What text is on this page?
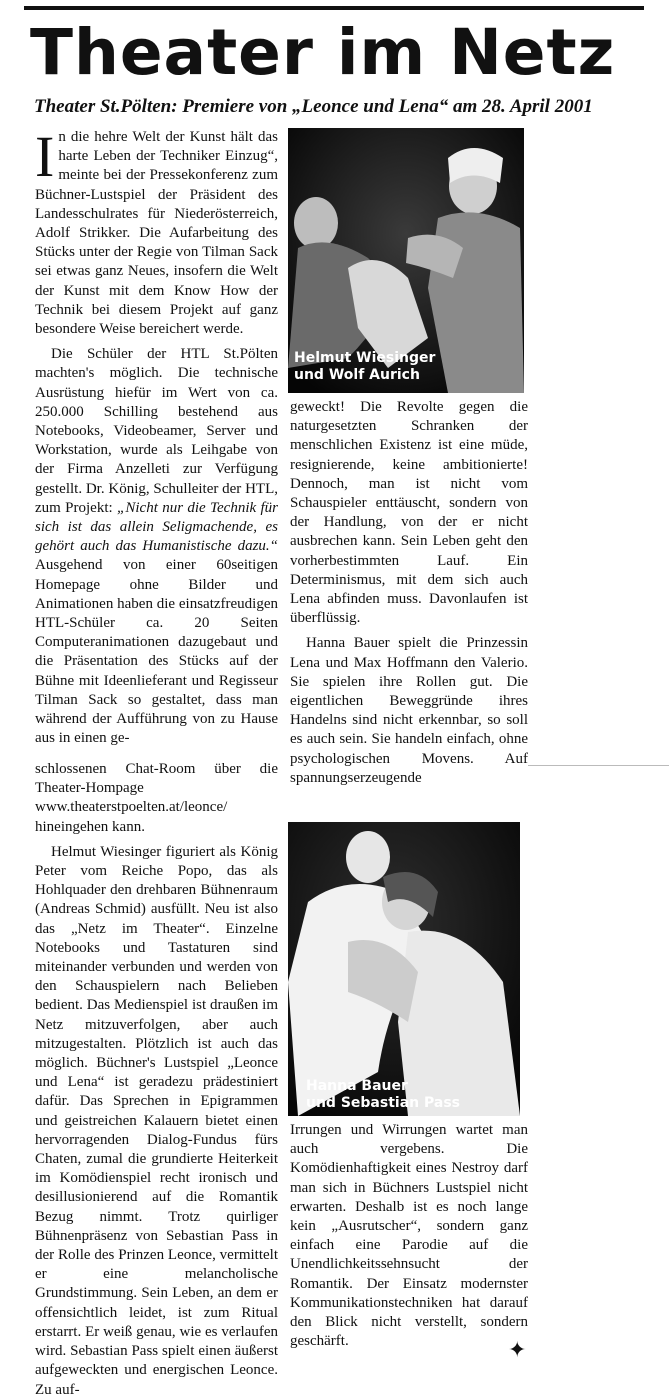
Theater im Netz
Theater St.Pölten: Premiere von „Leonce und Lena“ am 28. April 2001

In die hehre Welt der Kunst hält das harte Leben der Techniker Einzug“, meinte bei der Pressekonferenz zum Büchner-Lustspiel der Präsident des Landesschulrates für Niederösterreich, Adolf Strikker. Die Aufarbeitung des Stücks unter der Regie von Tilman Sack sei etwas ganz Neues, insofern die Welt der Kunst mit dem Know How der Technik bei diesem Projekt auf ganz besondere Weise bereichert werde.

Die Schüler der HTL St.Pölten machten's möglich. Die technische Ausrüstung hiefür im Wert von ca. 250.000 Schilling bestehend aus Notebooks, Videobeamer, Server und Workstation, wurde als Leihgabe von der Firma Anzelleti zur Verfügung gestellt. Dr. König, Schulleiter der HTL, zum Projekt: „Nicht nur die Technik für sich ist das allein Seligmachende, es gehört auch das Humanistische dazu.“ Ausgehend von einer 60seitigen Homepage ohne Bilder und Animationen haben die einsatzfreudigen HTL-Schüler ca. 20 Seiten Computeranimationen dazugebaut und die Präsentation des Stücks auf der Bühne mit Ideenlieferant und Regisseur Tilman Sack so gestaltet, dass man während der Aufführung von zu Hause aus in einen ge-

schlossenen Chat-Room über die Theater-Hompage www.theaterstpoelten.at/leonce/ hineingehen kann.

Helmut Wiesinger figuriert als König Peter vom Reiche Popo, das als Hohlquader den drehbaren Bühnenraum (Andreas Schmid) ausfüllt. Neu ist also das „Netz im Theater“. Einzelne Notebooks und Tastaturen sind miteinander verbunden und werden von den Schauspielern nach Belieben bedient. Das Medienspiel ist draußen im Netz mitzuverfolgen, aber auch mitzugestalten. Plötzlich ist auch das möglich. Büchner's Lustspiel „Leonce und Lena“ ist geradezu prädestiniert dafür. Das Sprechen in Epigrammen und geistreichen Kalauern bietet einen hervorragenden Dialog-Fundus fürs Chaten, zumal die grundierte Heiterkeit im Komödienspiel recht ironisch und desillusionierend auf die Romantik Bezug nimmt. Trotz quirliger Bühnenpräsenz von Sebastian Pass in der Rolle des Prinzen Leonce, vermittelt er eine melancholische Grundstimmung. Sein Leben, an dem er offensichtlich leidet, ist zum Ritual erstarrt. Er weiß genau, wie es verlaufen wird. Sebastian Pass spielt einen äußerst aufgeweckten und energischen Leonce. Zu auf-

Helmut Wiesinger
und Wolf Aurich

geweckt! Die Revolte gegen die naturgesetzten Schranken der menschlichen Existenz ist eine müde, resignierende, keine ambitionierte! Dennoch, man ist nicht vom Schauspieler enttäuscht, sondern von der Handlung, von der er nicht ausbrechen kann. Sein Leben geht den vorherbestimmten Lauf. Ein Determinismus, mit dem sich auch Lena abfinden muss. Davonlaufen ist überflüssig.

Hanna Bauer spielt die Prinzessin Lena und Max Hoffmann den Valerio. Sie spielen ihre Rollen gut. Die eigentlichen Beweggründe ihres Handelns sind nicht erkennbar, so soll es auch sein. Sie handeln einfach, ohne psychologischen Movens. Auf spannungserzeugende

Hanna Bauer
und Sebastian Pass

Irrungen und Wirrungen wartet man auch vergebens. Die Komödienhaftigkeit eines Nestroy darf man sich in Büchners Lustspiel nicht erwarten. Deshalb ist es noch lange kein „Ausrutscher“, sondern ganz einfach eine Parodie auf die Unendlichkeitssehnsucht der Romantik. Der Einsatz modernster Kommunikationstechniken hat darauf den Blick nicht verstellt, sondern geschärft.	✦
